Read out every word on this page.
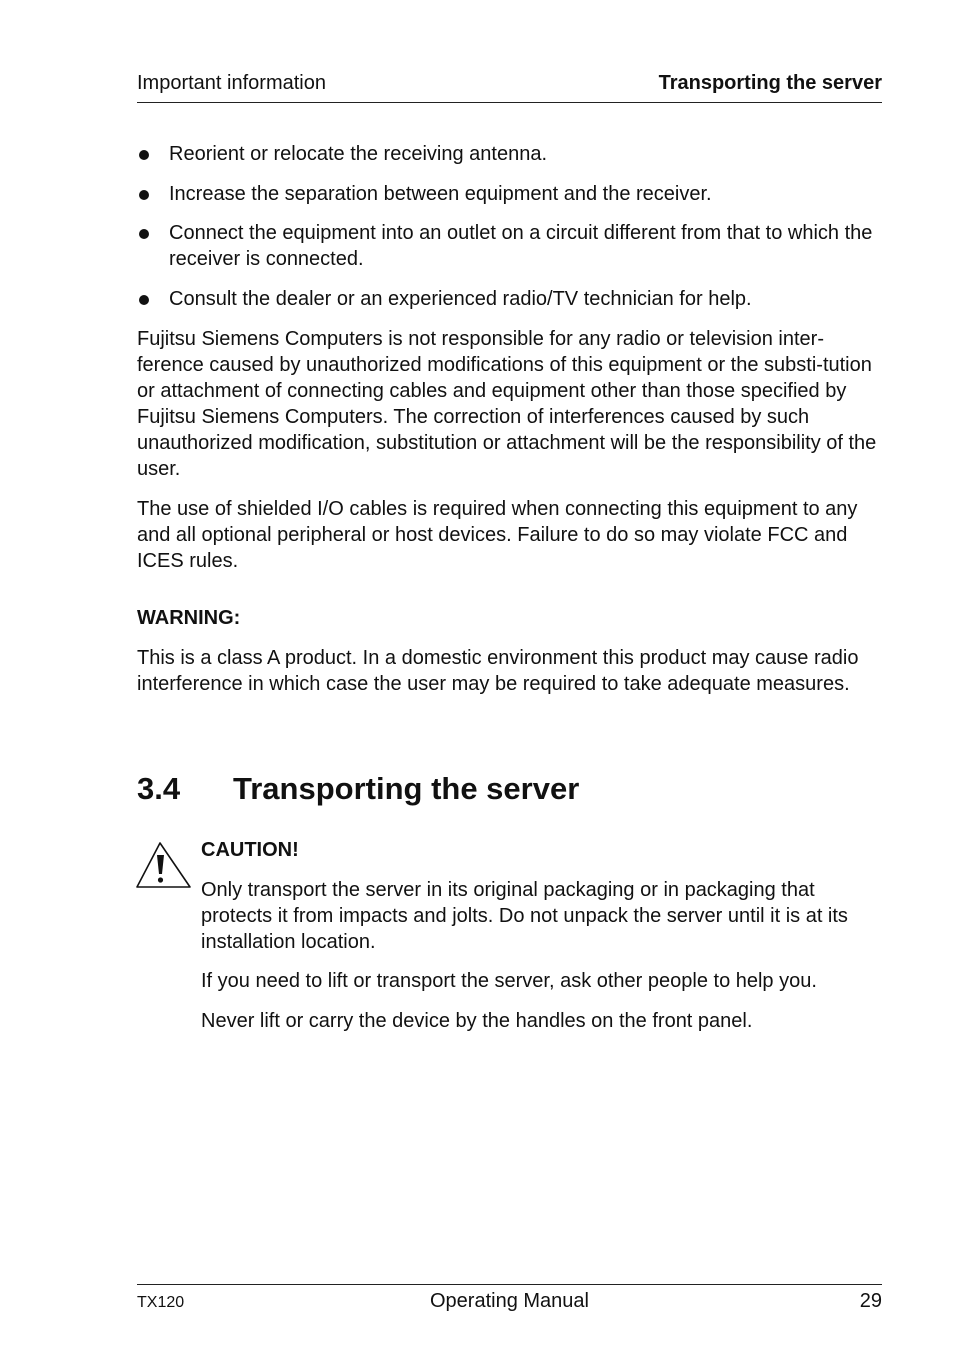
Important information	Transporting the server
Reorient or relocate the receiving antenna.
Increase the separation between equipment and the receiver.
Connect the equipment into an outlet on a circuit different from that to which the receiver is connected.
Consult the dealer or an experienced radio/TV technician for help.
Fujitsu Siemens Computers is not responsible for any radio or television inter-ference caused by unauthorized modifications of this equipment or the substi-tution or attachment of connecting cables and equipment other than those specified by Fujitsu Siemens Computers. The correction of interferences caused by such unauthorized modification, substitution or attachment will be the responsibility of the user.
The use of shielded I/O cables is required when connecting this equipment to any and all optional peripheral or host devices. Failure to do so may violate FCC and ICES rules.
WARNING:
This is a class A product. In a domestic environment this product may cause radio interference in which case the user may be required to take adequate measures.
3.4 Transporting the server
CAUTION!
Only transport the server in its original packaging or in packaging that protects it from impacts and jolts. Do not unpack the server until it is at its installation location.
If you need to lift or transport the server, ask other people to help you.
Never lift or carry the device by the handles on the front panel.
TX120	Operating Manual	29
